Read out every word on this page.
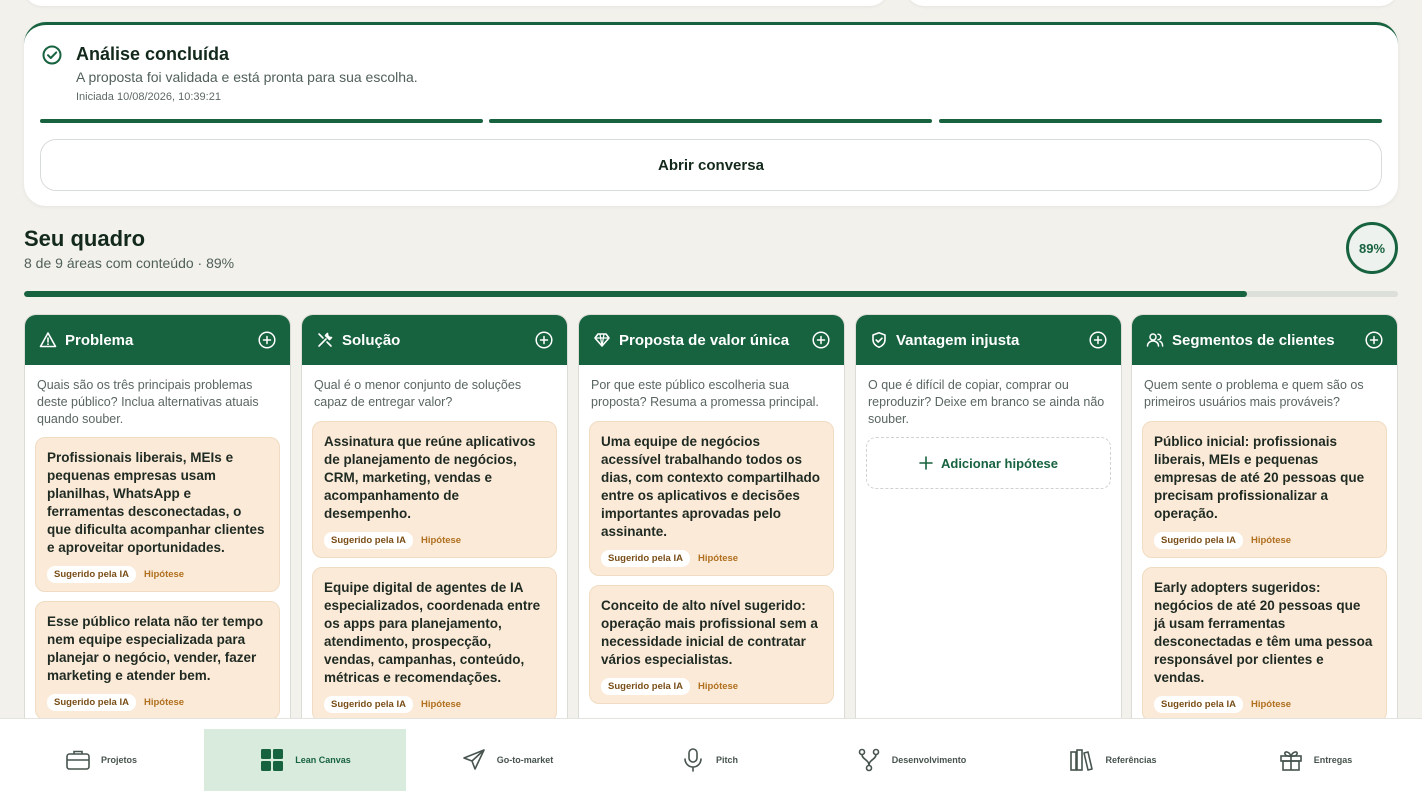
Análise concluída
A proposta foi validada e está pronta para sua escolha.
Iniciada 10/08/2026, 10:39:21
Abrir conversa
Seu quadro
8 de 9 áreas com conteúdo · 89%
89%
Problema
Quais são os três principais problemas deste público? Inclua alternativas atuais quando souber.
Profissionais liberais, MEIs e pequenas empresas usam planilhas, WhatsApp e ferramentas desconectadas, o que dificulta acompanhar clientes e aproveitar oportunidades.
Sugerido pela IA	Hipótese
Esse público relata não ter tempo nem equipe especializada para planejar o negócio, vender, fazer marketing e atender bem.
Sugerido pela IA	Hipótese
Solução
Qual é o menor conjunto de soluções capaz de entregar valor?
Assinatura que reúne aplicativos de planejamento de negócios, CRM, marketing, vendas e acompanhamento de desempenho.
Sugerido pela IA	Hipótese
Equipe digital de agentes de IA especializados, coordenada entre os apps para planejamento, atendimento, prospecção, vendas, campanhas, conteúdo, métricas e recomendações.
Sugerido pela IA	Hipótese
Proposta de valor única
Por que este público escolheria sua proposta? Resuma a promessa principal.
Uma equipe de negócios acessível trabalhando todos os dias, com contexto compartilhado entre os aplicativos e decisões importantes aprovadas pelo assinante.
Sugerido pela IA	Hipótese
Conceito de alto nível sugerido: operação mais profissional sem a necessidade inicial de contratar vários especialistas.
Sugerido pela IA	Hipótese
Vantagem injusta
O que é difícil de copiar, comprar ou reproduzir? Deixe em branco se ainda não souber.
Adicionar hipótese
Segmentos de clientes
Quem sente o problema e quem são os primeiros usuários mais prováveis?
Público inicial: profissionais liberais, MEIs e pequenas empresas de até 20 pessoas que precisam profissionalizar a operação.
Sugerido pela IA	Hipótese
Early adopters sugeridos: negócios de até 20 pessoas que já usam ferramentas desconectadas e têm uma pessoa responsável por clientes e vendas.
Sugerido pela IA	Hipótese
Projetos	Lean Canvas	Go-to-market	Pitch	Desenvolvimento	Referências	Entregas
